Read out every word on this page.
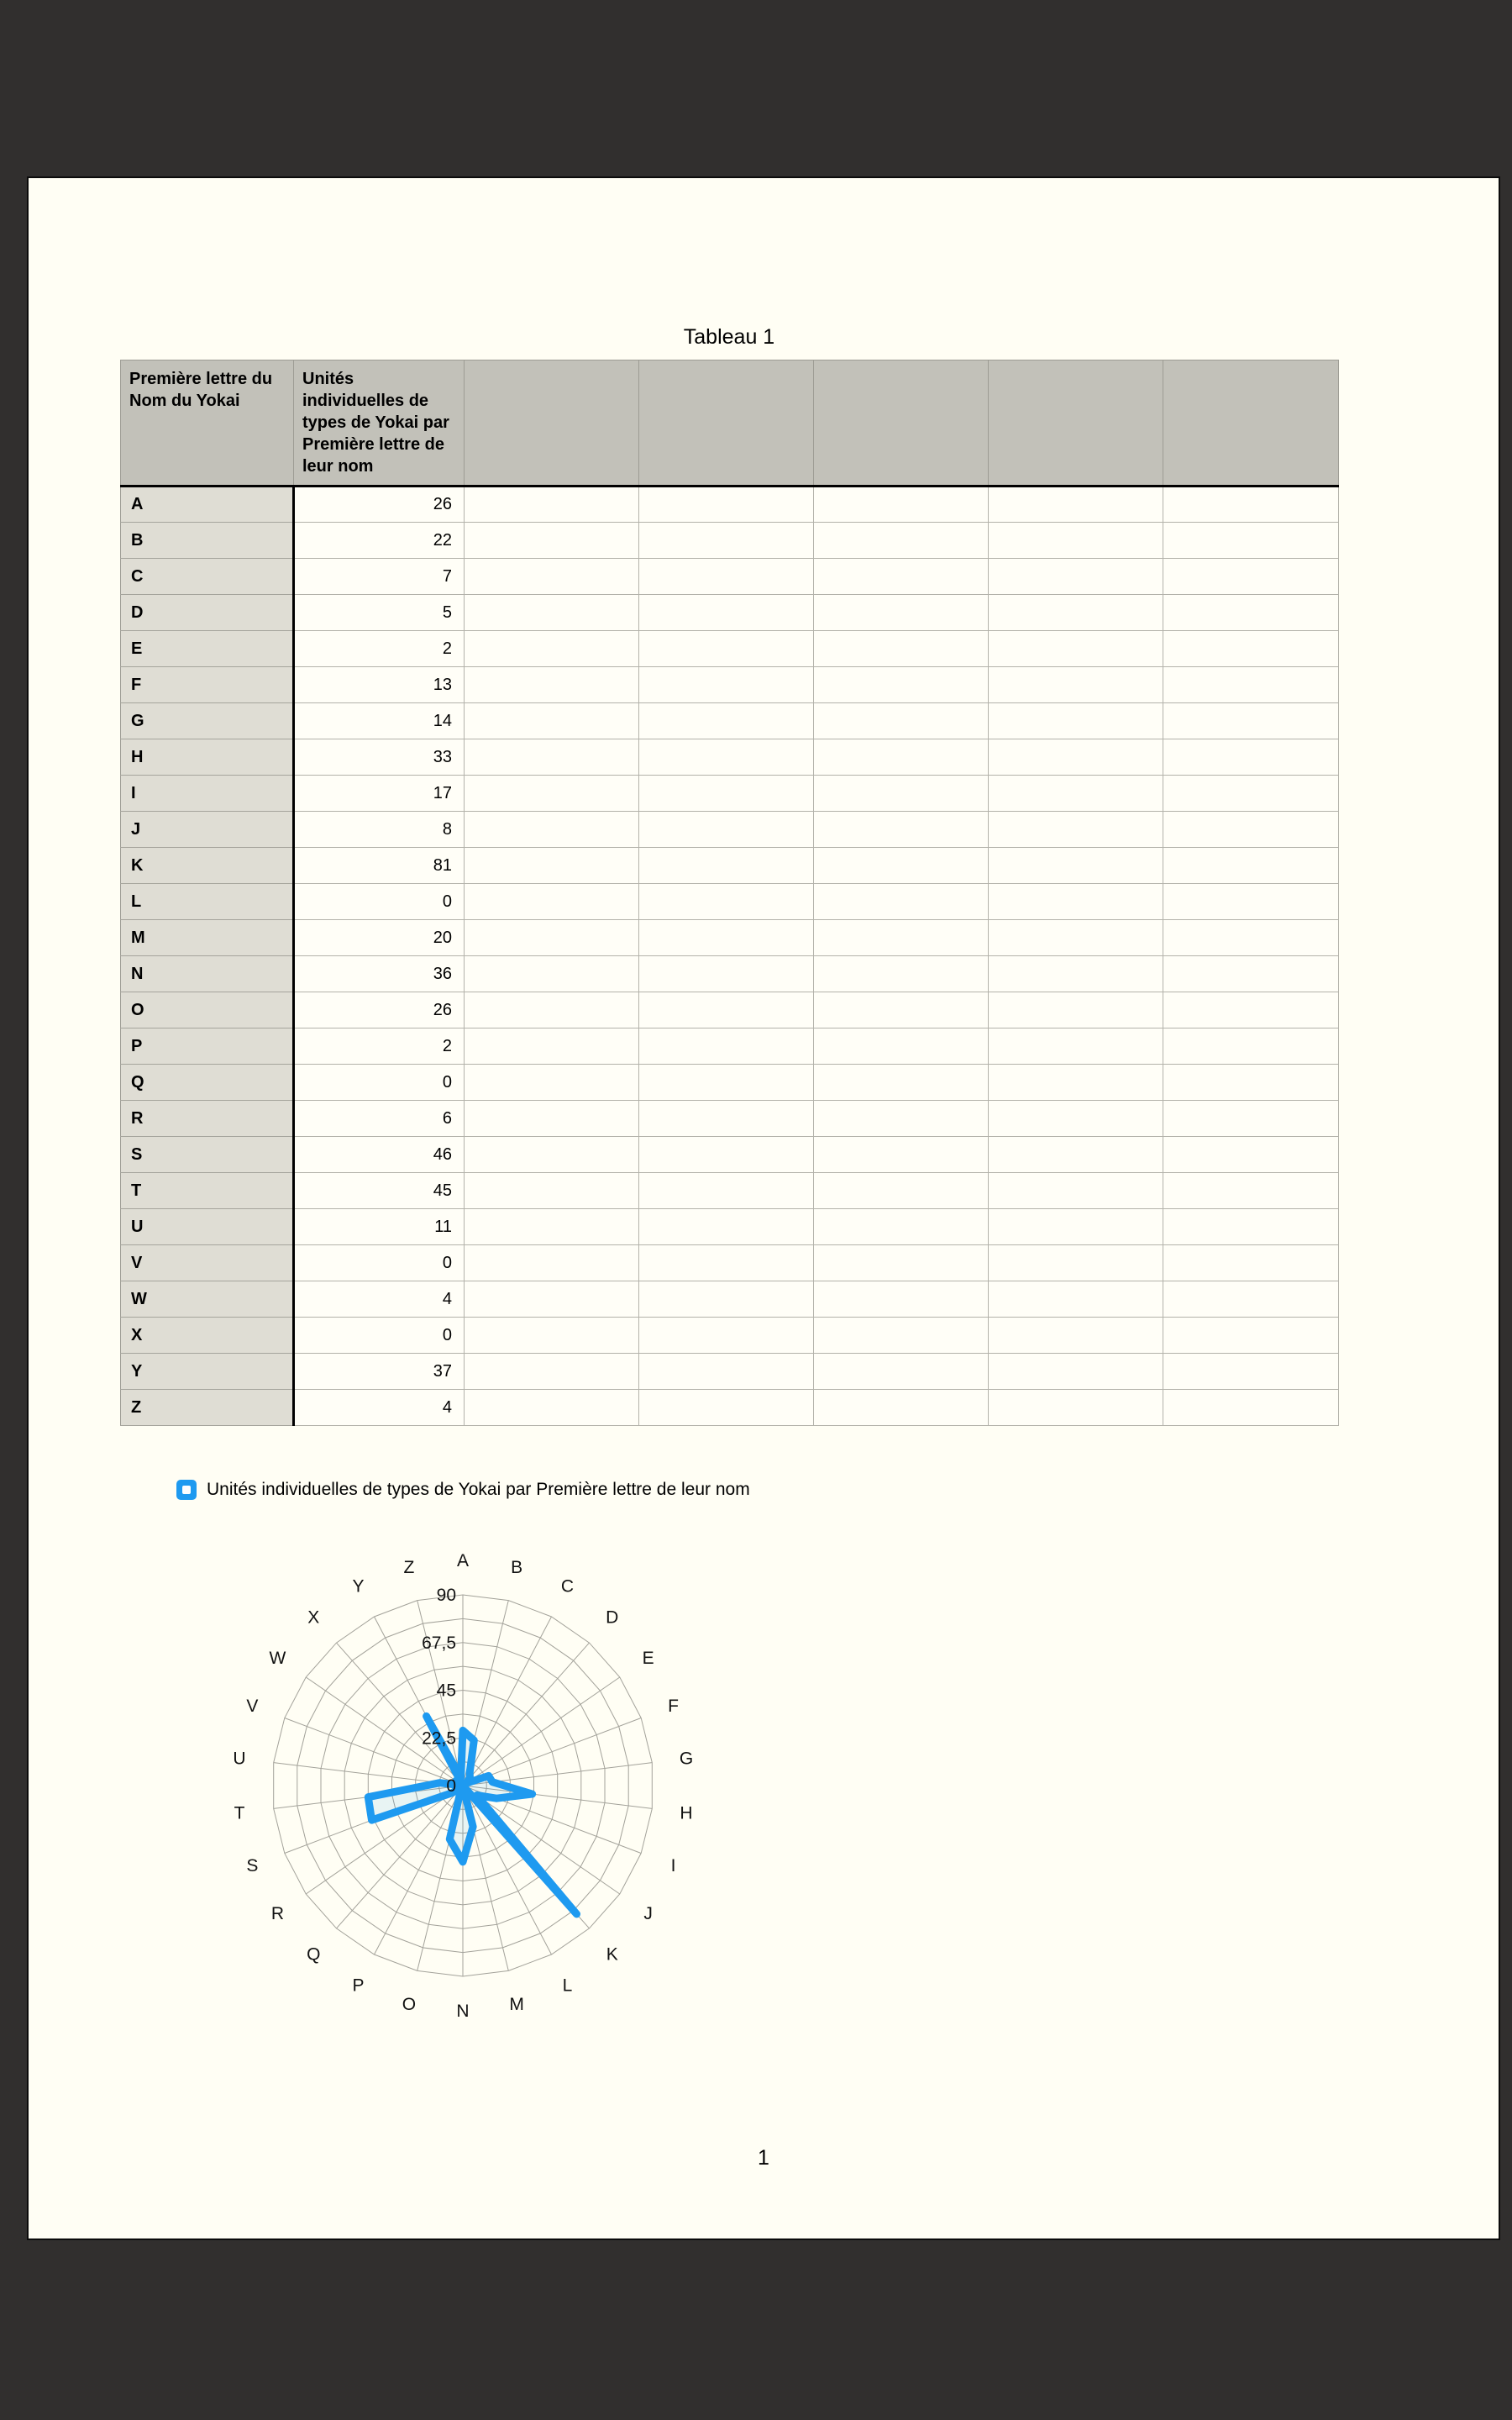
Tableau 1
Première lettre du Nom du Yokai	Unités individuelles de types de Yokai par Première lettre de leur nom					
A	26					
B	22					
C	7					
D	5					
E	2					
F	13					
G	14					
H	33					
I	17					
J	8					
K	81					
L	0					
M	20					
N	36					
O	26					
P	2					
Q	0					
R	6					
S	46					
T	45					
U	11					
V	0					
W	4					
X	0					
Y	37					
Z	4					
Unités individuelles de types de Yokai par Première lettre de leur nom
A B
C
D
E
F
G
H
I
J
K
L
M
N
O
P
Q
R
S
T
U
V
W
X
Y
Z
0
22,5
45
67,5
90
1
